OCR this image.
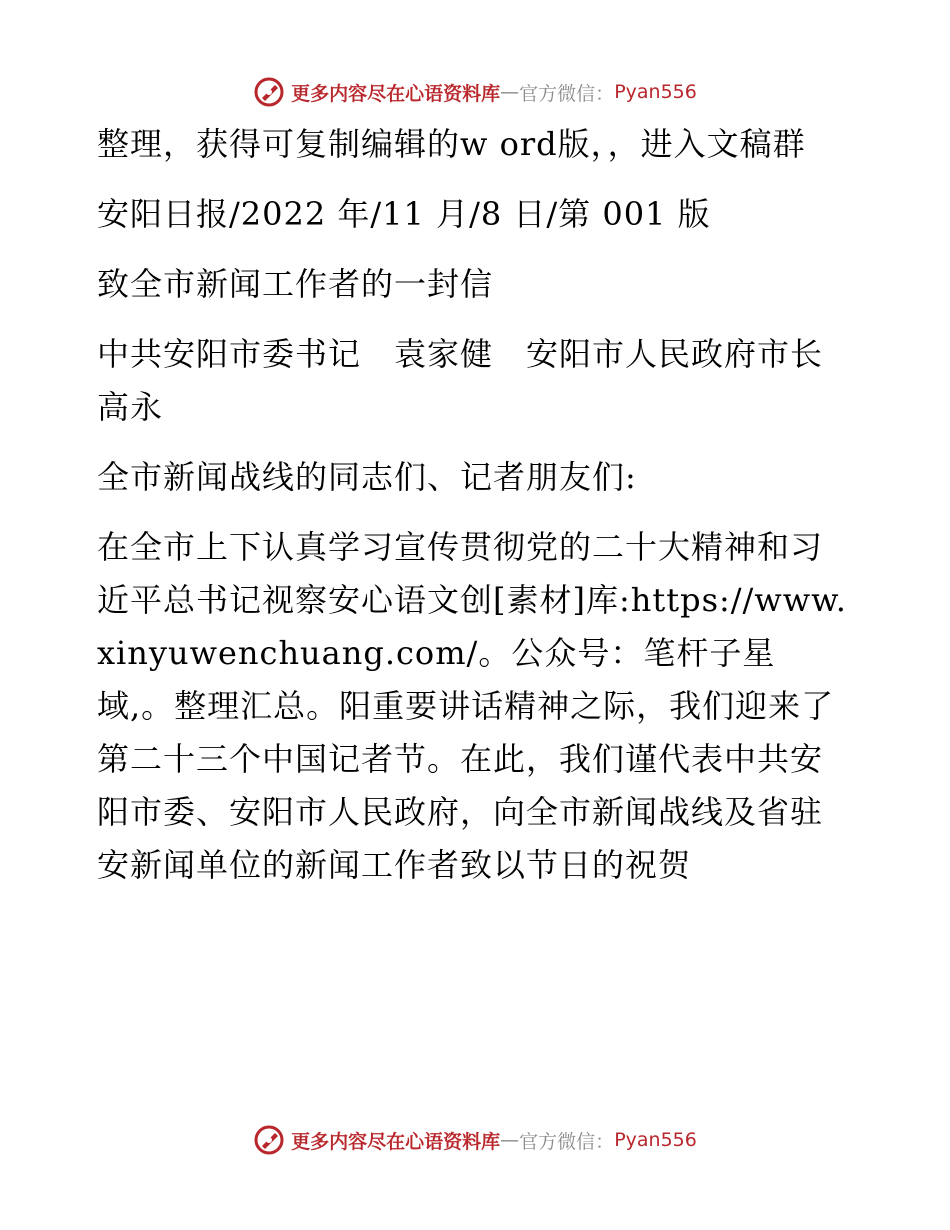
更多内容尽在心语资料库 — 官方微信： Pyan556

整理，获得可复制编辑的w ord版，，进入文稿群

安阳日报/2022 年/11 月/8 日/第 001 版

致全市新闻工作者的一封信

中共安阳市委书记　袁家健　安阳市人民政府市长　高永

全市新闻战线的同志们、记者朋友们:

在全市上下认真学习宣传贯彻党的二十大精神和习近平总书记视察安心语文创[素材]库:https://www.xinyuwenchuang.com/。公众号：笔杆子星域,。整理汇总。阳重要讲话精神之际，我们迎来了第二十三个中国记者节。在此，我们谨代表中共安阳市委、安阳市人民政府，向全市新闻战线及省驻安新闻单位的新闻工作者致以节日的祝贺

更多内容尽在心语资料库 — 官方微信： Pyan556
